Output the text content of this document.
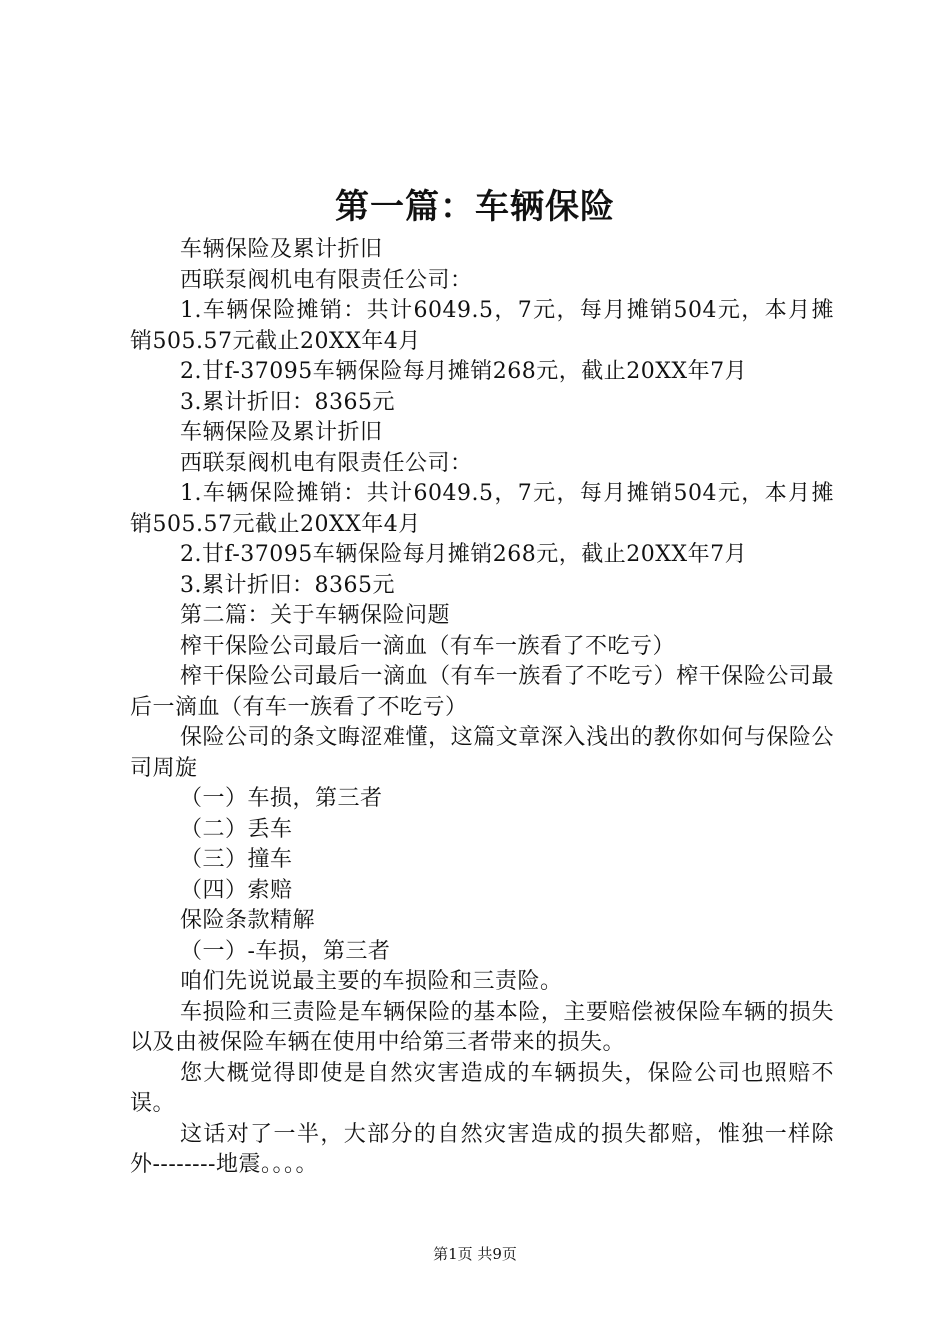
第一篇：车辆保险

车辆保险及累计折旧

西联泵阀机电有限责任公司：

1.车辆保险摊销：共计6049.5，7元，每月摊销504元，本月摊销505.57元截止20XX年4月

2.甘f-37095车辆保险每月摊销268元，截止20XX年7月

3.累计折旧：8365元

车辆保险及累计折旧

西联泵阀机电有限责任公司：

1.车辆保险摊销：共计6049.5，7元，每月摊销504元，本月摊销505.57元截止20XX年4月

2.甘f-37095车辆保险每月摊销268元，截止20XX年7月

3.累计折旧：8365元

第二篇：关于车辆保险问题

榨干保险公司最后一滴血（有车一族看了不吃亏）

榨干保险公司最后一滴血（有车一族看了不吃亏）榨干保险公司最后一滴血（有车一族看了不吃亏）

保险公司的条文晦涩难懂，这篇文章深入浅出的教你如何与保险公司周旋

（一）车损，第三者

（二）丢车

（三）撞车

（四）索赔

保险条款精解

（一）-车损，第三者

咱们先说说最主要的车损险和三责险。

车损险和三责险是车辆保险的基本险，主要赔偿被保险车辆的损失以及由被保险车辆在使用中给第三者带来的损失。

您大概觉得即使是自然灾害造成的车辆损失，保险公司也照赔不误。

这话对了一半，大部分的自然灾害造成的损失都赔，惟独一样除外--------地震。。。。

第1页 共9页
